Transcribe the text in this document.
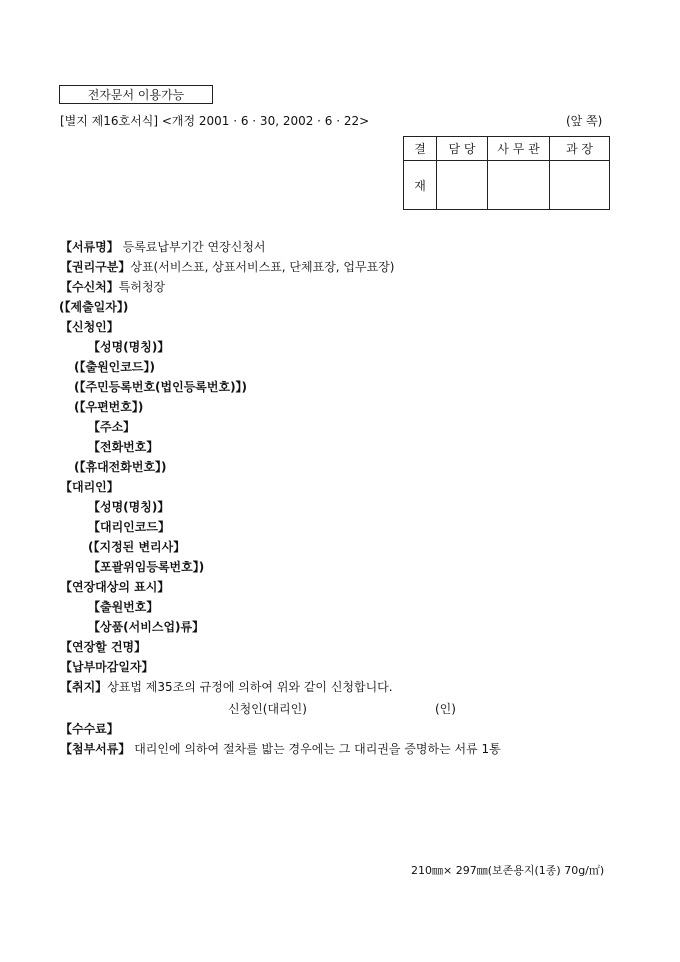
전자문서 이용가능
[별지 제16호서식] <개정 2001 · 6 · 30, 2002 · 6 · 22>	(앞 쪽)
결	담 당	사 무 관	과 장
재			
【서류명】 등록료납부기간 연장신청서
【권리구분】상표(서비스표, 상표서비스표, 단체표장, 업무표장)
【수신처】특허청장
(【제출일자】)
【신청인】
【성명(명칭)】
(【출원인코드】)
(【주민등록번호(법인등록번호)】)
(【우편번호】)
【주소】
【전화번호】
(【휴대전화번호】)
【대리인】
【성명(명칭)】
【대리인코드】
(【지정된 변리사】
【포괄위임등록번호】)
【연장대상의 표시】
【출원번호】
【상품(서비스업)류】
【연장할 건명】
【납부마감일자】
【취지】상표법 제35조의 규정에 의하여 위와 같이 신청합니다.
신청인(대리인)	(인)
【수수료】
【첨부서류】 대리인에 의하여 절차를 밟는 경우에는 그 대리권을 증명하는 서류 1통
210㎜× 297㎜(보존용지(1종) 70g/㎡)
